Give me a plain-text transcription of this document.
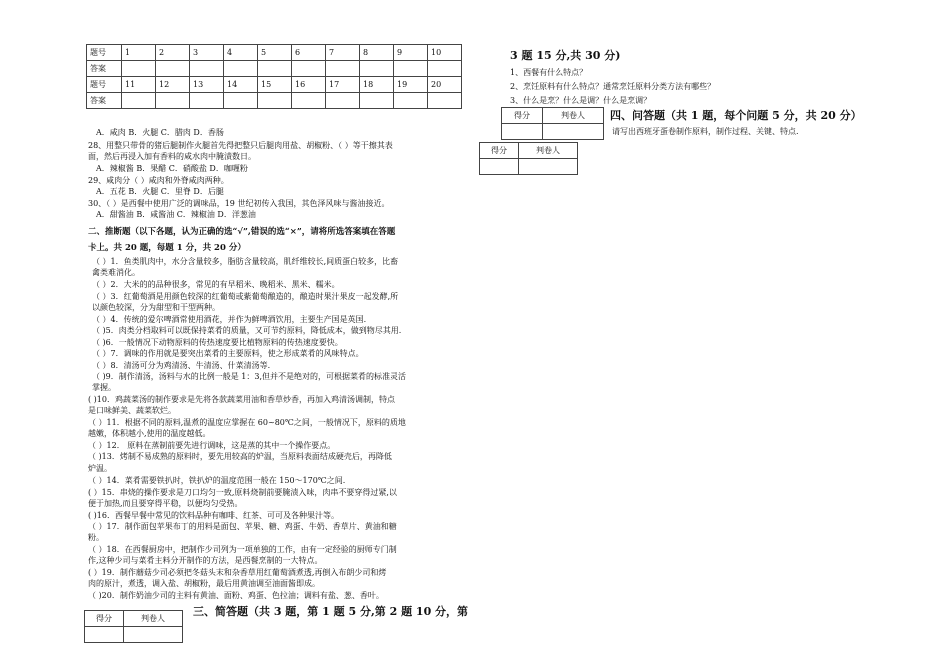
题号	1	2	3	4	5	6	7	8	9	10
答案										
题号	11	12	13	14	15	16	17	18	19	20
答案										
A．咸肉 B．火腿 C．腊肉 D．香肠
28、用整只带骨的猪后腿制作火腿首先得把整只后腿肉用盐、胡椒粉、（ ）等干擦其表
面，然后再浸入加有香料的咸水肉中腌渍数日。
A．辣椒酱 B．果醋 C．硝酸盐 D．咖喱粉
29、咸肉分（ ）咸肉和外脊咸肉两种。
A．五花 B．火腿 C．里脊 D．后腿
30、（ ）是西餐中使用广泛的调味品，19 世纪初传入我国，其色泽风味与酱油接近。
A．甜酱油 B．咸酱油 C．辣椒油 D．洋葱油
二、推断题（以下各题，认为正确的选“√”,错误的选“×”，请将所选答案填在答题
卡上。共 20 题，每题 1 分，共 20 分）
（ ）1．鱼类肌肉中，水分含量较多，脂肪含量较高，肌纤维较长,间质蛋白较多，比畜
禽类难消化。
（ ）2．大米的的品种很多，常见的有早稻米、晚稻米、黑米、糯米。
（ ）3．红葡萄酒是用颜色较深的红葡萄或紫葡萄酿造的，酿造时果汁果皮一起发酵,所
以颜色较深，分为甜型和干型两种。
（ ）4．传统的爱尔啤酒常使用酒花，并作为鲜啤酒饮用，主要生产国是英国.
（ )5．肉类分档取料可以既保持菜肴的质量，又可节约原料，降低成本，做到物尽其用.
（ )6．一般情况下动物原料的传热速度要比植物原料的传热速度要快。
（ ）7．调味的作用就是要突出菜肴的主要原料，使之形成菜肴的风味特点。
（ ）8．清汤可分为鸡清汤、牛清汤、什菜清汤等.
（ )9．制作清汤，汤料与水的比例一般是 1：3,但并不是绝对的，可根据菜肴的标准灵活
掌握。
( )10．鸡蔬菜汤的制作要求是先将各款蔬菜用油和香草炒香，再加入鸡清汤调制，特点
是口味鲜美、蔬菜软烂。
（ ）11．根据不同的原料,温煮的温度应掌握在 60~80℃之间，一般情况下，原料的质地
越嫩，体积越小,使用的温度越低。
（ ）12． 原料在蒸制前要先进行调味，这是蒸的其中一个操作要点。
（ )13．烤制不易成熟的原料时，要先用较高的炉温，当原料表面结成硬壳后，再降低
炉温。
（ ）14．菜肴需要铁扒时，铁扒炉的温度范围一般在 150～170℃之间.
( ）15．串烧的操作要求是刀口均匀一致,原料烧制前要腌渍入味，肉串不要穿得过紧,以
便于加热,而且要穿得平稳，以便均匀受热。
( )16．西餐早餐中常见的饮料品种有咖啡、红茶、可可及各种果汁等。
（ ）17．制作面包苹果布丁的用料是面包、苹果、糖、鸡蛋、牛奶、香草片、黄油和糖
粉。
（ ）18．在西餐厨房中，把制作少司列为一项单独的工作，由有一定经验的厨师专门制
作,这种少司与菜肴主料分开制作的方法，是西餐烹制的一大特点。
( ）19．制作蘑菇少司必须把冬菇头末和杂香草用红葡萄酒煮透,再倒入布朗少司和烤
肉的原汁，煮透，调入盐、胡椒粉，最后用黄油调至油面酱即成。
（ )20．制作奶油少司的主料有黄油、面粉、鸡蛋、色拉油；调料有盐、葱、香叶。
得分	判卷人

三、简答题（共 3 题，第 1 题 5 分,第 2 题 10 分，第
3 题 15 分,共 30 分)
1、西餐有什么特点？
2、烹饪原料有什么特点？通常烹饪原料分类方法有哪些？
3、什么是烹？什么是调？什么是烹调？
得分	判卷人
	四、问答题（共 1 题，每个问题 5 分，共 20 分）
请写出西班牙蛋卷制作原料，制作过程、关键、特点.
得分	判卷人
